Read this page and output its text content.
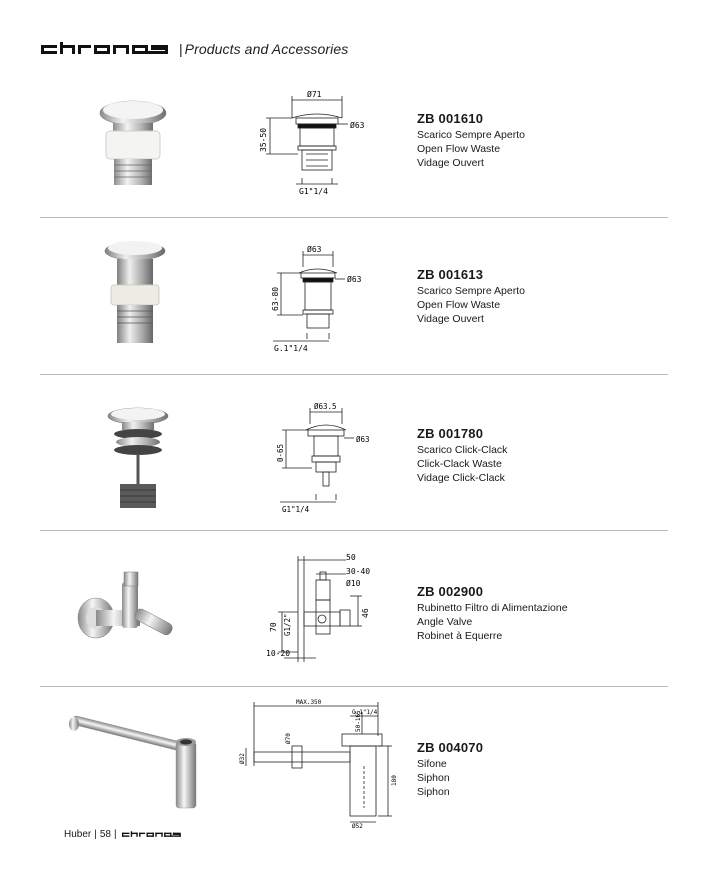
| Products and Accessories
Ø71
Ø63
35-50
G1"1/4
ZB 001610
Scarico Sempre Aperto
Open Flow Waste
Vidage Ouvert
Ø63
Ø63
63-80
G.1"1/4
ZB 001613
Scarico Sempre Aperto
Open Flow Waste
Vidage Ouvert
Ø63.5
Ø63
0-65
G1"1/4
ZB 001780
Scarico Click-Clack
Click-Clack Waste
Vidage Click-Clack
50
30-40
Ø10
46
70 G1/2"
10-20
ZB 002900
Rubinetto Filtro di Alimentazione
Angle Valve
Robinet à Equerre
MAX.350
G.1"1/4
50-165
Ø32
Ø70
180
Ø52
ZB 004070
Sifone
Siphon
Siphon
Huber | 58 |
